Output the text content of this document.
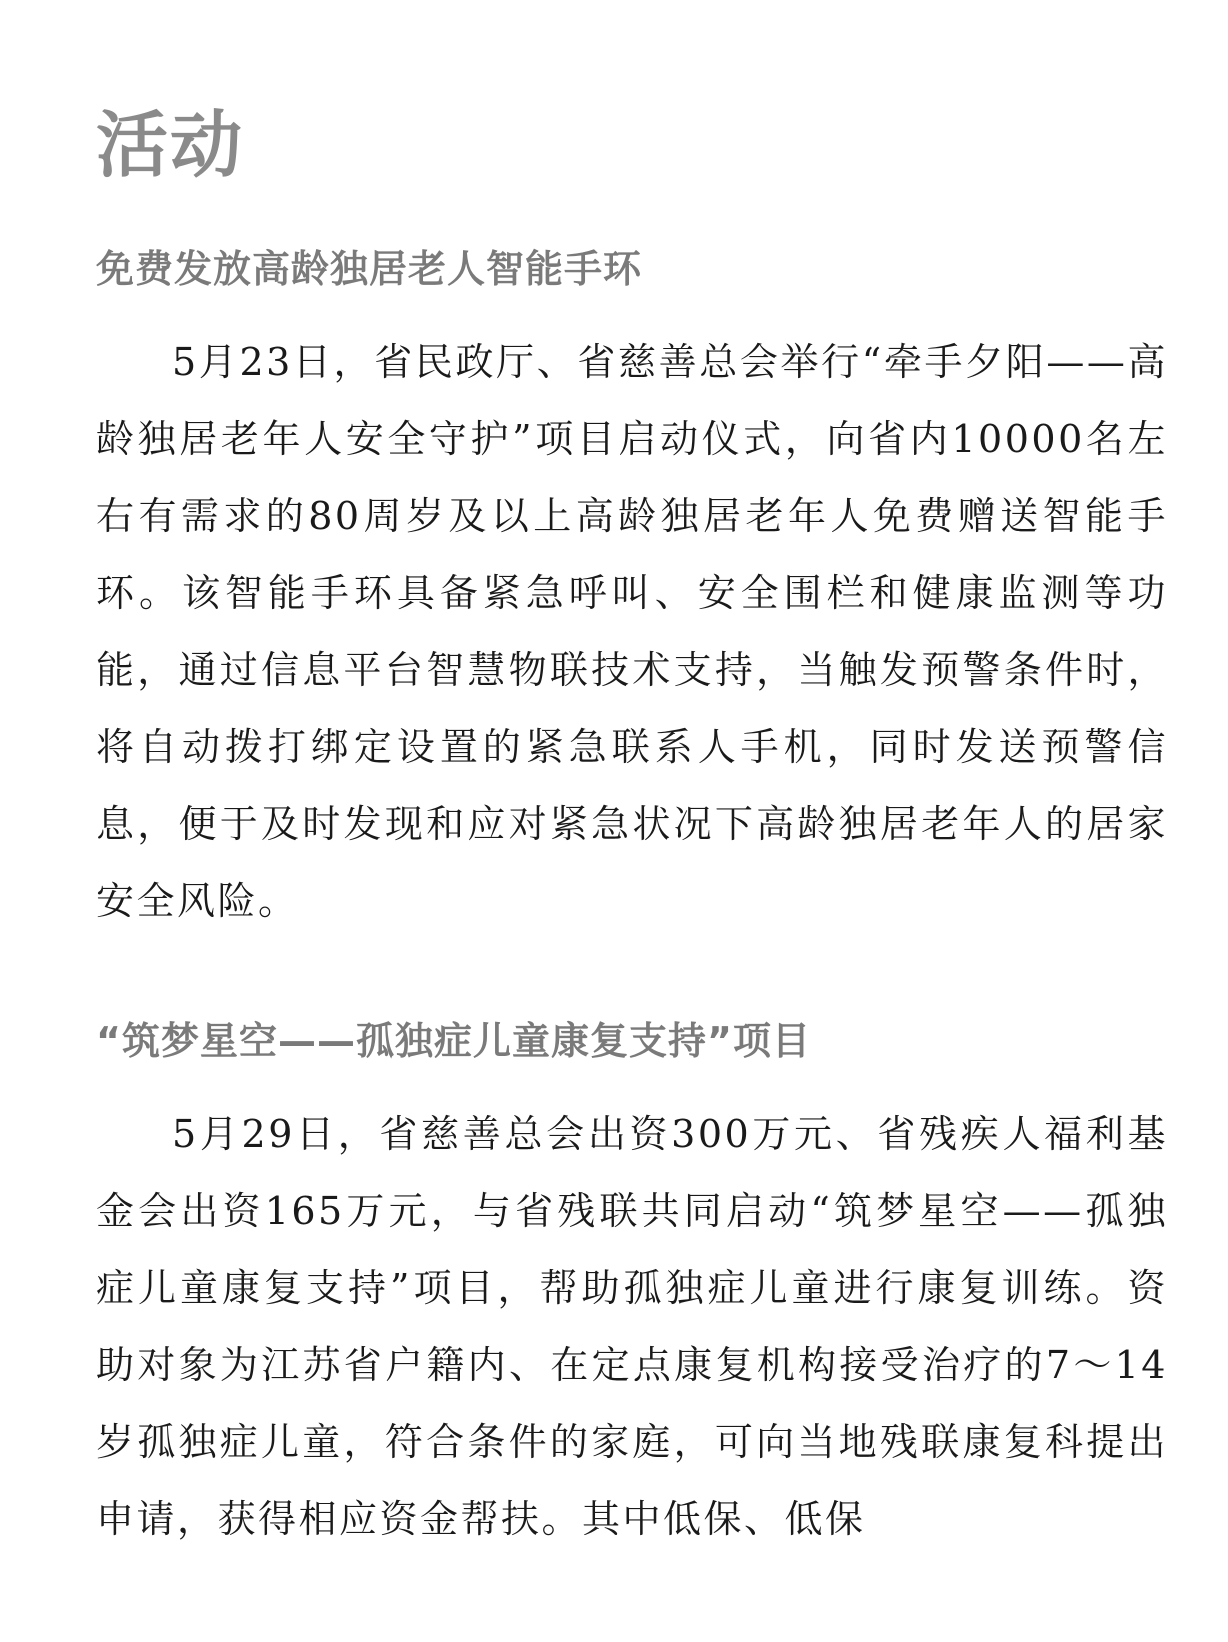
活动
免费发放高龄独居老人智能手环

5月23日，省民政厅、省慈善总会举行“牵手夕阳——高龄独居老年人安全守护”项目启动仪式，向省内10000名左右有需求的80周岁及以上高龄独居老年人免费赠送智能手环。该智能手环具备紧急呼叫、安全围栏和健康监测等功能，通过信息平台智慧物联技术支持，当触发预警条件时，将自动拨打绑定设置的紧急联系人手机，同时发送预警信息，便于及时发现和应对紧急状况下高龄独居老年人的居家安全风险。

“筑梦星空——孤独症儿童康复支持”项目

5月29日，省慈善总会出资300万元、省残疾人福利基金会出资165万元，与省残联共同启动“筑梦星空——孤独症儿童康复支持”项目，帮助孤独症儿童进行康复训练。资助对象为江苏省户籍内、在定点康复机构接受治疗的7～14岁孤独症儿童，符合条件的家庭，可向当地残联康复科提出申请，获得相应资金帮扶。其中低保、低保
